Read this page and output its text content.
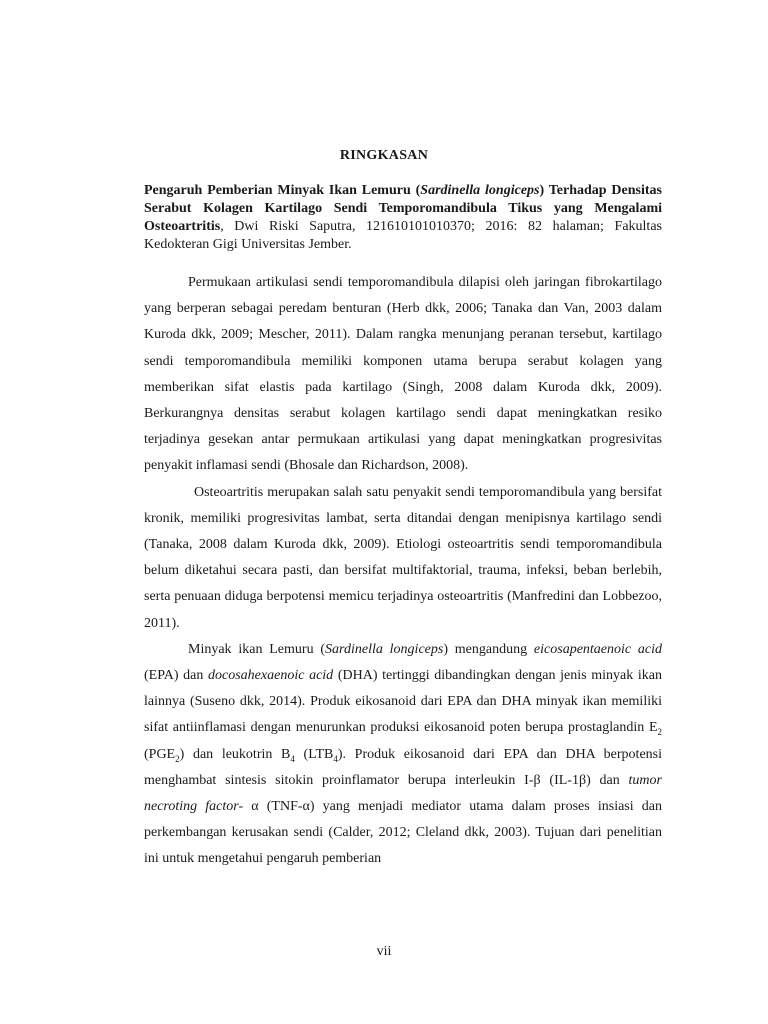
RINGKASAN
Pengaruh Pemberian Minyak Ikan Lemuru (Sardinella longiceps) Terhadap Densitas Serabut Kolagen Kartilago Sendi Temporomandibula Tikus yang Mengalami Osteoartritis, Dwi Riski Saputra, 121610101010370; 2016: 82 halaman; Fakultas Kedokteran Gigi Universitas Jember.

Permukaan artikulasi sendi temporomandibula dilapisi oleh jaringan fibrokartilago yang berperan sebagai peredam benturan (Herb dkk, 2006; Tanaka dan Van, 2003 dalam Kuroda dkk, 2009; Mescher, 2011). Dalam rangka menunjang peranan tersebut, kartilago sendi temporomandibula memiliki komponen utama berupa serabut kolagen yang memberikan sifat elastis pada kartilago (Singh, 2008 dalam Kuroda dkk, 2009). Berkurangnya densitas serabut kolagen kartilago sendi dapat meningkatkan resiko terjadinya gesekan antar permukaan artikulasi yang dapat meningkatkan progresivitas penyakit inflamasi sendi (Bhosale dan Richardson, 2008).

Osteoartritis merupakan salah satu penyakit sendi temporomandibula yang bersifat kronik, memiliki progresivitas lambat, serta ditandai dengan menipisnya kartilago sendi (Tanaka, 2008 dalam Kuroda dkk, 2009). Etiologi osteoartritis sendi temporomandibula belum diketahui secara pasti, dan bersifat multifaktorial, trauma, infeksi, beban berlebih, serta penuaan diduga berpotensi memicu terjadinya osteoartritis (Manfredini dan Lobbezoo, 2011).

Minyak ikan Lemuru (Sardinella longiceps) mengandung eicosapentaenoic acid (EPA) dan docosahexaenoic acid (DHA) tertinggi dibandingkan dengan jenis minyak ikan lainnya (Suseno dkk, 2014). Produk eikosanoid dari EPA dan DHA minyak ikan memiliki sifat antiinflamasi dengan menurunkan produksi eikosanoid poten berupa prostaglandin $E_2$ $(PGE_2)$ dan leukotrin $B_4$ $(LTB_4)$. Produk eikosanoid dari EPA dan DHA berpotensi menghambat sintesis sitokin proinflamator berupa interleukin I-β (IL-1β) dan tumor necroting factor- α (TNF-α) yang menjadi mediator utama dalam proses insiasi dan perkembangan kerusakan sendi (Calder, 2012; Cleland dkk, 2003). Tujuan dari penelitian ini untuk mengetahui pengaruh pemberian

vii
